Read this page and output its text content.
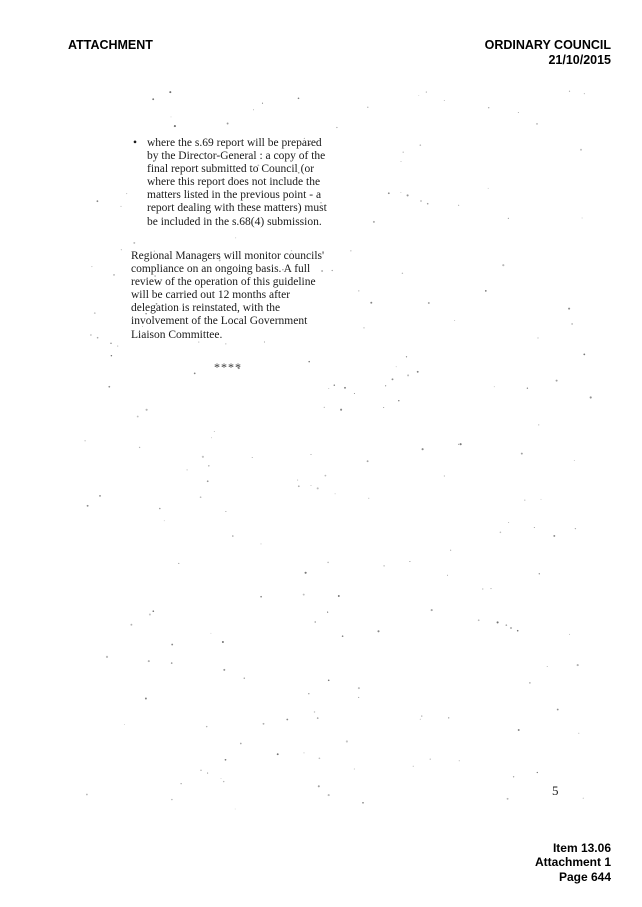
ATTACHMENT	ORDINARY COUNCIL
21/10/2015
• where the s.69 report will be prepared
by the Director-General : a copy of the
final report submitted to Council (or
where this report does not include the
matters listed in the previous point - a
report dealing with these matters) must
be included in the s.68(4) submission.
Regional Managers will monitor councils'
compliance on an ongoing basis. A full
review of the operation of this guideline
will be carried out 12 months after
delegation is reinstated, with the
involvement of the Local Government
Liaison Committee.
****
5
Item 13.06
Attachment 1
Page 644
